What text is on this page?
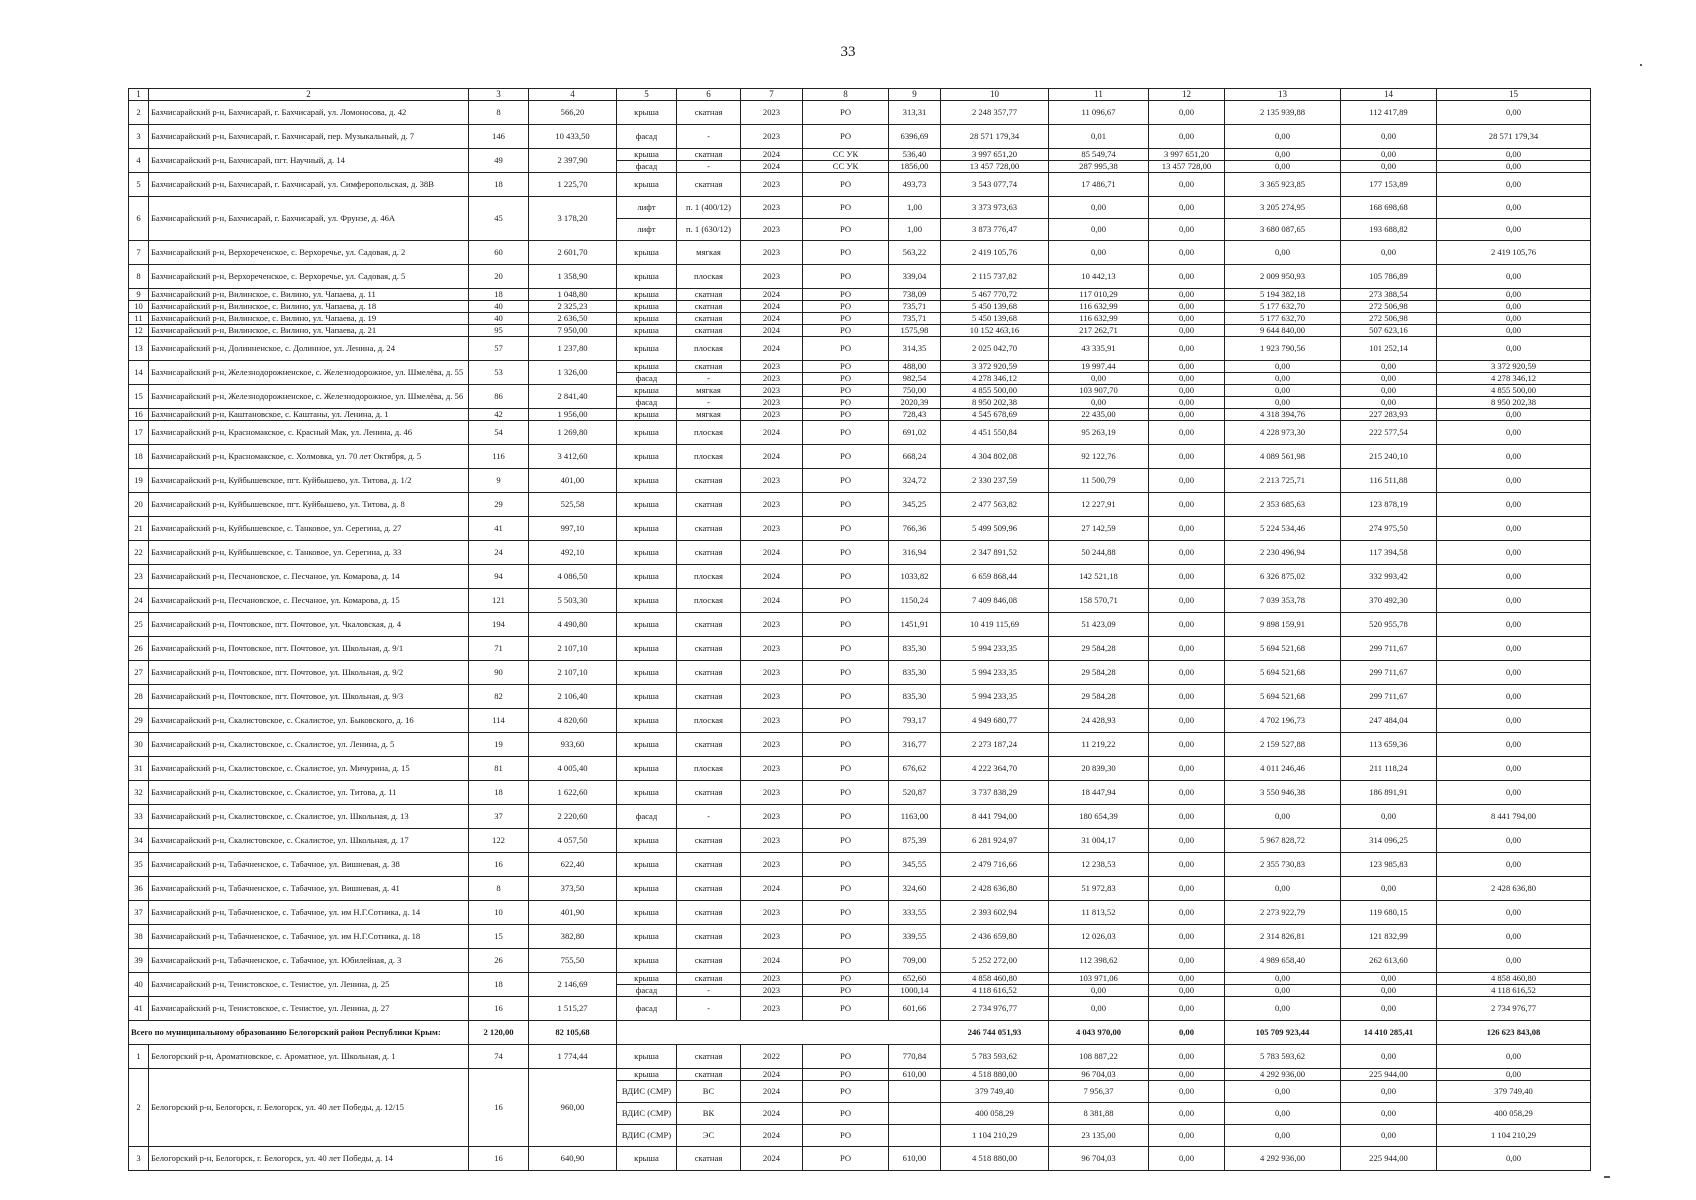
33
1	2	3	4	5	6	7	8	9	10	11	12	13	14	15
2	Бахчисарайский р-н, Бахчисарай, г. Бахчисарай, ул. Ломоносова, д. 42	8	566,20	крыша	скатная	2023	РО	313,31	2 248 357,77	11 096,67	0,00	2 135 939,88	112 417,89	0,00
3	Бахчисарайский р-н, Бахчисарай, г. Бахчисарай, пер. Музыкальный, д. 7	146	10 433,50	фасад	-	2023	РО	6396,69	28 571 179,34	0,01	0,00	0,00	0,00	28 571 179,34
4	Бахчисарайский р-н, Бахчисарай, пгт. Научный, д. 14	49	2 397,90	крыша	скатная	2024	СС УК	536,40	3 997 651,20	85 549,74	3 997 651,20	0,00	0,00	0,00
				фасад	-	2024	СС УК	1856,00	13 457 728,00	287 995,38	13 457 728,00	0,00	0,00	0,00
5	Бахчисарайский р-н, Бахчисарай, г. Бахчисарай, ул. Симферопольская, д. 38В	18	1 225,70	крыша	скатная	2023	РО	493,73	3 543 077,74	17 486,71	0,00	3 365 923,85	177 153,89	0,00
6	Бахчисарайский р-н, Бахчисарай, г. Бахчисарай, ул. Фрунзе, д. 46А	45	3 178,20	лифт	п. 1 (400/12)	2023	РО	1,00	3 373 973,63	0,00	0,00	3 205 274,95	168 698,68	0,00
				лифт	п. 1 (630/12)	2023	РО	1,00	3 873 776,47	0,00	0,00	3 680 087,65	193 688,82	0,00
7	Бахчисарайский р-н, Верхореченское, с. Верхоречье, ул. Садовая, д. 2	60	2 601,70	крыша	мягкая	2023	РО	563,22	2 419 105,76	0,00	0,00	0,00	0,00	2 419 105,76
8	Бахчисарайский р-н, Верхореченское, с. Верхоречье, ул. Садовая, д. 5	20	1 358,90	крыша	плоская	2023	РО	339,04	2 115 737,82	10 442,13	0,00	2 009 950,93	105 786,89	0,00
9	Бахчисарайский р-н, Вилинское, с. Вилино, ул. Чапаева, д. 11	18	1 048,80	крыша	скатная	2024	РО	738,09	5 467 770,72	117 010,29	0,00	5 194 382,18	273 388,54	0,00
10	Бахчисарайский р-н, Вилинское, с. Вилино, ул. Чапаева, д. 18	40	2 325,23	крыша	скатная	2024	РО	735,71	5 450 139,68	116 632,99	0,00	5 177 632,70	272 506,98	0,00
11	Бахчисарайский р-н, Вилинское, с. Вилино, ул. Чапаева, д. 19	40	2 636,50	крыша	скатная	2024	РО	735,71	5 450 139,68	116 632,99	0,00	5 177 632,70	272 506,98	0,00
12	Бахчисарайский р-н, Вилинское, с. Вилино, ул. Чапаева, д. 21	95	7 950,00	крыша	скатная	2024	РО	1575,98	10 152 463,16	217 262,71	0,00	9 644 840,00	507 623,16	0,00
13	Бахчисарайский р-н, Долинненское, с. Долинное, ул. Ленина, д. 24	57	1 237,80	крыша	плоская	2024	РО	314,35	2 025 042,70	43 335,91	0,00	1 923 790,56	101 252,14	0,00
14	Бахчисарайский р-н, Железнодорожненское, с. Железнодорожное, ул. Шмелёва, д. 55	53	1 326,00	крыша	скатная	2023	РО	488,00	3 372 920,59	19 997,44	0,00	0,00	0,00	3 372 920,59
				фасад	-	2023	РО	982,54	4 278 346,12	0,00	0,00	0,00	0,00	4 278 346,12
15	Бахчисарайский р-н, Железнодорожненское, с. Железнодорожное, ул. Шмелёва, д. 56	86	2 841,40	крыша	мягкая	2023	РО	750,00	4 855 500,00	103 907,70	0,00	0,00	0,00	4 855 500,00
				фасад	-	2023	РО	2020,39	8 950 202,38	0,00	0,00	0,00	0,00	8 950 202,38
16	Бахчисарайский р-н, Каштановское, с. Каштаны, ул. Ленина, д. 1	42	1 956,00	крыша	мягкая	2023	РО	728,43	4 545 678,69	22 435,00	0,00	4 318 394,76	227 283,93	0,00
17	Бахчисарайский р-н, Красномакское, с. Красный Мак, ул. Ленина, д. 46	54	1 269,80	крыша	плоская	2024	РО	691,02	4 451 550,84	95 263,19	0,00	4 228 973,30	222 577,54	0,00
18	Бахчисарайский р-н, Красномакское, с. Холмовка, ул. 70 лет Октября, д. 5	116	3 412,60	крыша	плоская	2024	РО	668,24	4 304 802,08	92 122,76	0,00	4 089 561,98	215 240,10	0,00
19	Бахчисарайский р-н, Куйбышевское, пгт. Куйбышево, ул. Титова, д. 1/2	9	401,00	крыша	скатная	2023	РО	324,72	2 330 237,59	11 500,79	0,00	2 213 725,71	116 511,88	0,00
20	Бахчисарайский р-н, Куйбышевское, пгт. Куйбышево, ул. Титова, д. 8	29	525,58	крыша	скатная	2023	РО	345,25	2 477 563,82	12 227,91	0,00	2 353 685,63	123 878,19	0,00
21	Бахчисарайский р-н, Куйбышевское, с. Танковое, ул. Серегина, д. 27	41	997,10	крыша	скатная	2023	РО	766,36	5 499 509,96	27 142,59	0,00	5 224 534,46	274 975,50	0,00
22	Бахчисарайский р-н, Куйбышевское, с. Танковое, ул. Серегина, д. 33	24	492,10	крыша	скатная	2024	РО	316,94	2 347 891,52	50 244,88	0,00	2 230 496,94	117 394,58	0,00
23	Бахчисарайский р-н, Песчановское, с. Песчаное, ул. Комарова, д. 14	94	4 086,50	крыша	плоская	2024	РО	1033,82	6 659 868,44	142 521,18	0,00	6 326 875,02	332 993,42	0,00
24	Бахчисарайский р-н, Песчановское, с. Песчаное, ул. Комарова, д. 15	121	5 503,30	крыша	плоская	2024	РО	1150,24	7 409 846,08	158 570,71	0,00	7 039 353,78	370 492,30	0,00
25	Бахчисарайский р-н, Почтовское, пгт. Почтовое, ул. Чкаловская, д. 4	194	4 490,80	крыша	скатная	2023	РО	1451,91	10 419 115,69	51 423,09	0,00	9 898 159,91	520 955,78	0,00
26	Бахчисарайский р-н, Почтовское, пгт. Почтовое, ул. Школьная, д. 9/1	71	2 107,10	крыша	скатная	2023	РО	835,30	5 994 233,35	29 584,28	0,00	5 694 521,68	299 711,67	0,00
27	Бахчисарайский р-н, Почтовское, пгт. Почтовое, ул. Школьная, д. 9/2	90	2 107,10	крыша	скатная	2023	РО	835,30	5 994 233,35	29 584,28	0,00	5 694 521,68	299 711,67	0,00
28	Бахчисарайский р-н, Почтовское, пгт. Почтовое, ул. Школьная, д. 9/3	82	2 106,40	крыша	скатная	2023	РО	835,30	5 994 233,35	29 584,28	0,00	5 694 521,68	299 711,67	0,00
29	Бахчисарайский р-н, Скалистовское, с. Скалистое, ул. Быковского, д. 16	114	4 820,60	крыша	плоская	2023	РО	793,17	4 949 680,77	24 428,93	0,00	4 702 196,73	247 484,04	0,00
30	Бахчисарайский р-н, Скалистовское, с. Скалистое, ул. Ленина, д. 5	19	933,60	крыша	скатная	2023	РО	316,77	2 273 187,24	11 219,22	0,00	2 159 527,88	113 659,36	0,00
31	Бахчисарайский р-н, Скалистовское, с. Скалистое, ул. Мичурина, д. 15	81	4 005,40	крыша	плоская	2023	РО	676,62	4 222 364,70	20 839,30	0,00	4 011 246,46	211 118,24	0,00
32	Бахчисарайский р-н, Скалистовское, с. Скалистое, ул. Титова, д. 11	18	1 622,60	крыша	скатная	2023	РО	520,87	3 737 838,29	18 447,94	0,00	3 550 946,38	186 891,91	0,00
33	Бахчисарайский р-н, Скалистовское, с. Скалистое, ул. Школьная, д. 13	37	2 220,60	фасад	-	2023	РО	1163,00	8 441 794,00	180 654,39	0,00	0,00	0,00	8 441 794,00
34	Бахчисарайский р-н, Скалистовское, с. Скалистое, ул. Школьная, д. 17	122	4 057,50	крыша	скатная	2023	РО	875,39	6 281 924,97	31 004,17	0,00	5 967 828,72	314 096,25	0,00
35	Бахчисарайский р-н, Табачненское, с. Табачное, ул. Вишневая, д. 38	16	622,40	крыша	скатная	2023	РО	345,55	2 479 716,66	12 238,53	0,00	2 355 730,83	123 985,83	0,00
36	Бахчисарайский р-н, Табачненское, с. Табачное, ул. Вишневая, д. 41	8	373,50	крыша	скатная	2024	РО	324,60	2 428 636,80	51 972,83	0,00	0,00	0,00	2 428 636,80
37	Бахчисарайский р-н, Табачненское, с. Табачное, ул. им Н.Г.Сотника, д. 14	10	401,90	крыша	скатная	2023	РО	333,55	2 393 602,94	11 813,52	0,00	2 273 922,79	119 680,15	0,00
38	Бахчисарайский р-н, Табачненское, с. Табачное, ул. им Н.Г.Сотника, д. 18	15	382,80	крыша	скатная	2023	РО	339,55	2 436 659,80	12 026,03	0,00	2 314 826,81	121 832,99	0,00
39	Бахчисарайский р-н, Табачненское, с. Табачное, ул. Юбилейная, д. 3	26	755,50	крыша	скатная	2024	РО	709,00	5 252 272,00	112 398,62	0,00	4 989 658,40	262 613,60	0,00
40	Бахчисарайский р-н, Тенистовское, с. Тенистое, ул. Ленина, д. 25	18	2 146,69	крыша	скатная	2023	РО	652,60	4 858 460,80	103 971,06	0,00	0,00	0,00	4 858 460,80
				фасад	-	2023	РО	1000,14	4 118 616,52	0,00	0,00	0,00	0,00	4 118 616,52
41	Бахчисарайский р-н, Тенистовское, с. Тенистое, ул. Ленина, д. 27	16	1 515,27	фасад	-	2023	РО	601,66	2 734 976,77	0,00	0,00	0,00	0,00	2 734 976,77
Всего по муниципальному образованию Белогорский район Республики Крым:		2 120,00	82 105,68						246 744 051,93	4 043 970,00	0,00	105 709 923,44	14 410 285,41	126 623 843,08
1	Белогорский р-н, Ароматновское, с. Ароматное, ул. Школьная, д. 1	74	1 774,44	крыша	скатная	2022	РО	770,84	5 783 593,62	108 887,22	0,00	5 783 593,62	0,00	0,00
2	Белогорский р-н, Белогорск, г. Белогорск, ул. 40 лет Победы, д. 12/15	16	960,00	крыша	скатная	2024	РО	610,00	4 518 880,00	96 704,03	0,00	4 292 936,00	225 944,00	0,00
				ВДИС (СМР)	ВС	2024	РО		379 749,40	7 956,37	0,00	0,00	0,00	379 749,40
				ВДИС (СМР)	ВК	2024	РО		400 058,29	8 381,88	0,00	0,00	0,00	400 058,29
				ВДИС (СМР)	ЭС	2024	РО		1 104 210,29	23 135,00	0,00	0,00	0,00	1 104 210,29
3	Белогорский р-н, Белогорск, г. Белогорск, ул. 40 лет Победы, д. 14	16	640,90	крыша	скатная	2024	РО	610,00	4 518 880,00	96 704,03	0,00	4 292 936,00	225 944,00	0,00
